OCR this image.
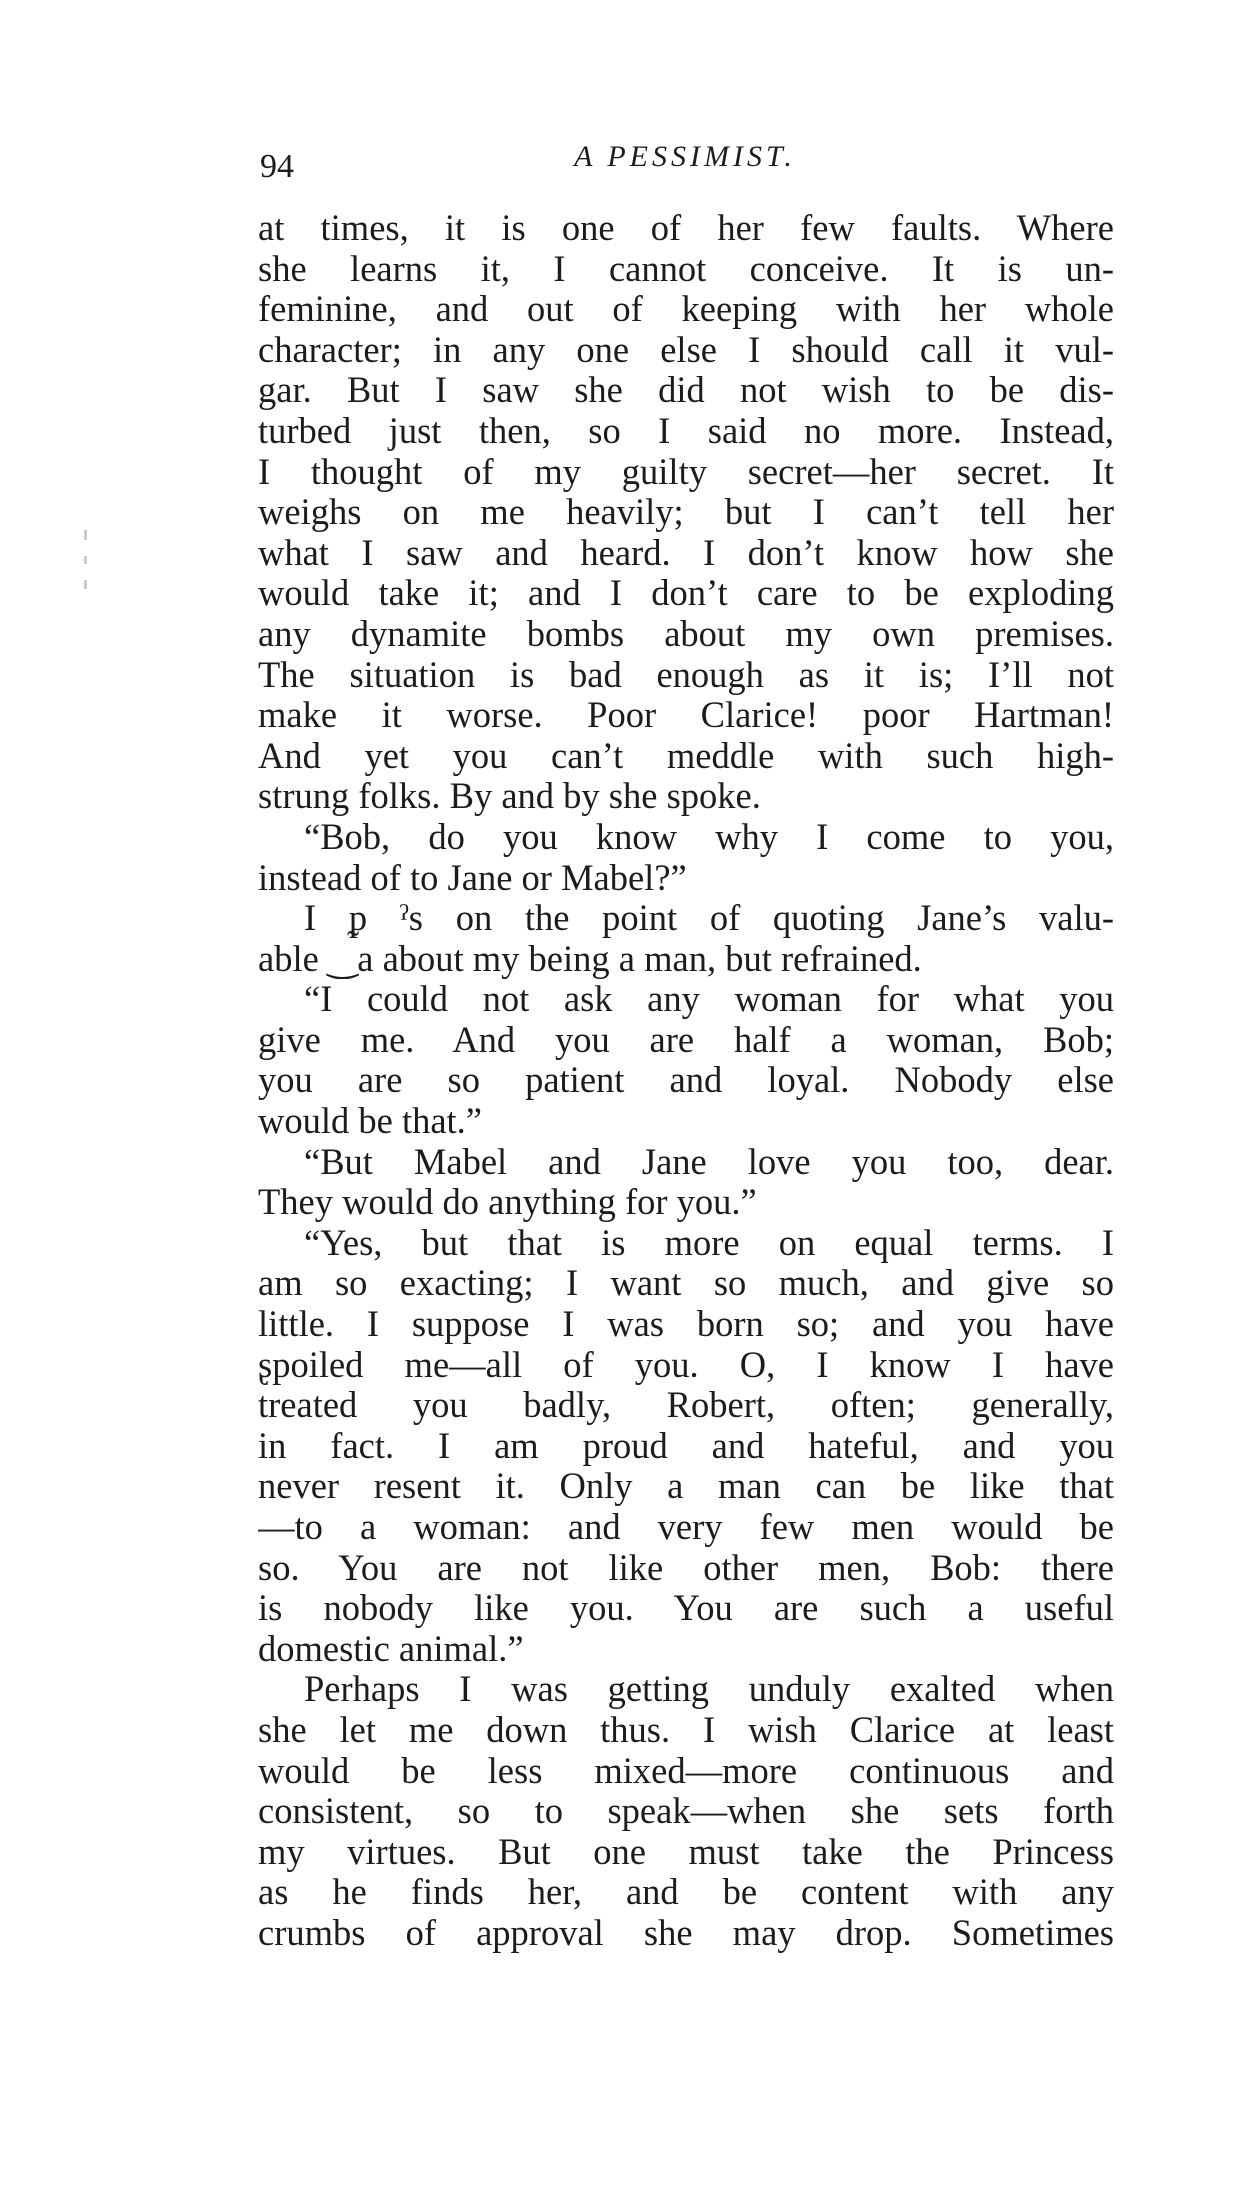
94	A PESSIMIST.
at times, it is one of her few faults. Where
she learns it, I cannot conceive. It is un-
feminine, and out of keeping with her whole
character; in any one else I should call it vul-
gar. But I saw she did not wish to be dis-
turbed just then, so I said no more. Instead,
I thought of my guilty secret—her secret. It
weighs on me heavily; but I can’t tell her
what I saw and heard. I don’t know how she
would take it; and I don’t care to be exploding
any dynamite bombs about my own premises.
The situation is bad enough as it is; I’ll not
make it worse. Poor Clarice! poor Hartman!
And yet you can’t meddle with such high-
strung folks. By and by she spoke.
“Bob, do you know why I come to you,
instead of to Jane or Mabel?”
I ᵱ ˀs on the point of quoting Jane’s valu-
able ‿a about my being a man, but refrained.
“I could not ask any woman for what you
give me. And you are half a woman, Bob;
you are so patient and loyal. Nobody else
would be that.”
“But Mabel and Jane love you too, dear.
They would do anything for you.”
“Yes, but that is more on equal terms. I
am so exacting; I want so much, and give so
little. I suppose I was born so; and you have
ʂpoiled me—all of you. O, I know I have
treated you badly, Robert, often; generally,
in fact. I am proud and hateful, and you
never resent it. Only a man can be like that
—to a woman: and very few men would be
so. You are not like other men, Bob: there
is nobody like you. You are such a useful
domestic animal.”
Perhaps I was getting unduly exalted when
she let me down thus. I wish Clarice at least
would be less mixed—more continuous and
consistent, so to speak—when she sets forth
my virtues. But one must take the Princess
as he finds her, and be content with any
crumbs of approval she may drop. Sometimes
